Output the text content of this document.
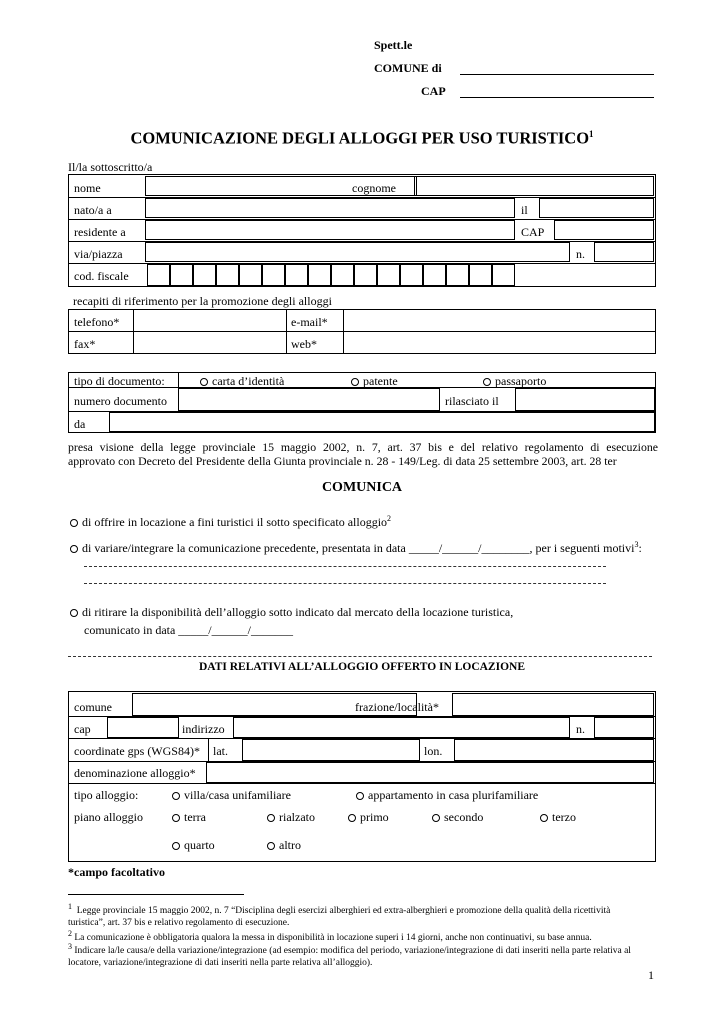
Spett.le
COMUNE di
CAP
COMUNICAZIONE DEGLI ALLOGGI PER USO TURISTICO$^1$
Il/la sottoscritto/a
nome	cognome
nato/a a	il
residente a	CAP
via/piazza	n.
cod. fiscale
recapiti di riferimento per la promozione degli alloggi
telefono*	e-mail*
fax*	web*
tipo di documento:	carta d’identità	patente	passaporto
numero documento	rilasciato il
da
presa visione della legge provinciale 15 maggio 2002, n. 7, art. 37 bis e del relativo regolamento di esecuzione
approvato con Decreto del Presidente della Giunta provinciale n. 28 - 149/Leg. di data 25 settembre 2003, art. 28 ter
COMUNICA
di offrire in locazione a fini turistici il sotto specificato alloggio$^2$
di variare/integrare la comunicazione precedente, presentata in data _____/______/________, per i seguenti motivi$^3$:
di ritirare la disponibilità dell’alloggio sotto indicato dal mercato della locazione turistica,
comunicato in data _____/______/_______
DATI RELATIVI ALL’ALLOGGIO OFFERTO IN LOCAZIONE
comune	frazione/località*
cap	indirizzo	n.
coordinate gps (WGS84)* lat.	lon.
denominazione alloggio*
tipo alloggio:	villa/casa unifamiliare	appartamento in casa plurifamiliare
piano alloggio	terra	rialzato	primo	secondo	terzo
quarto	altro
*campo facoltativo
$^1$ Legge provinciale 15 maggio 2002, n. 7 “Disciplina degli esercizi alberghieri ed extra-alberghieri e promozione della qualità della ricettività
turistica”, art. 37 bis e relativo regolamento di esecuzione.
$^2$ La comunicazione è obbligatoria qualora la messa in disponibilità in locazione superi i 14 giorni, anche non continuativi, su base annua.
$^3$ Indicare la/le causa/e della variazione/integrazione (ad esempio: modifica del periodo, variazione/integrazione di dati inseriti nella parte relativa al
locatore, variazione/integrazione di dati inseriti nella parte relativa all’alloggio).
1
